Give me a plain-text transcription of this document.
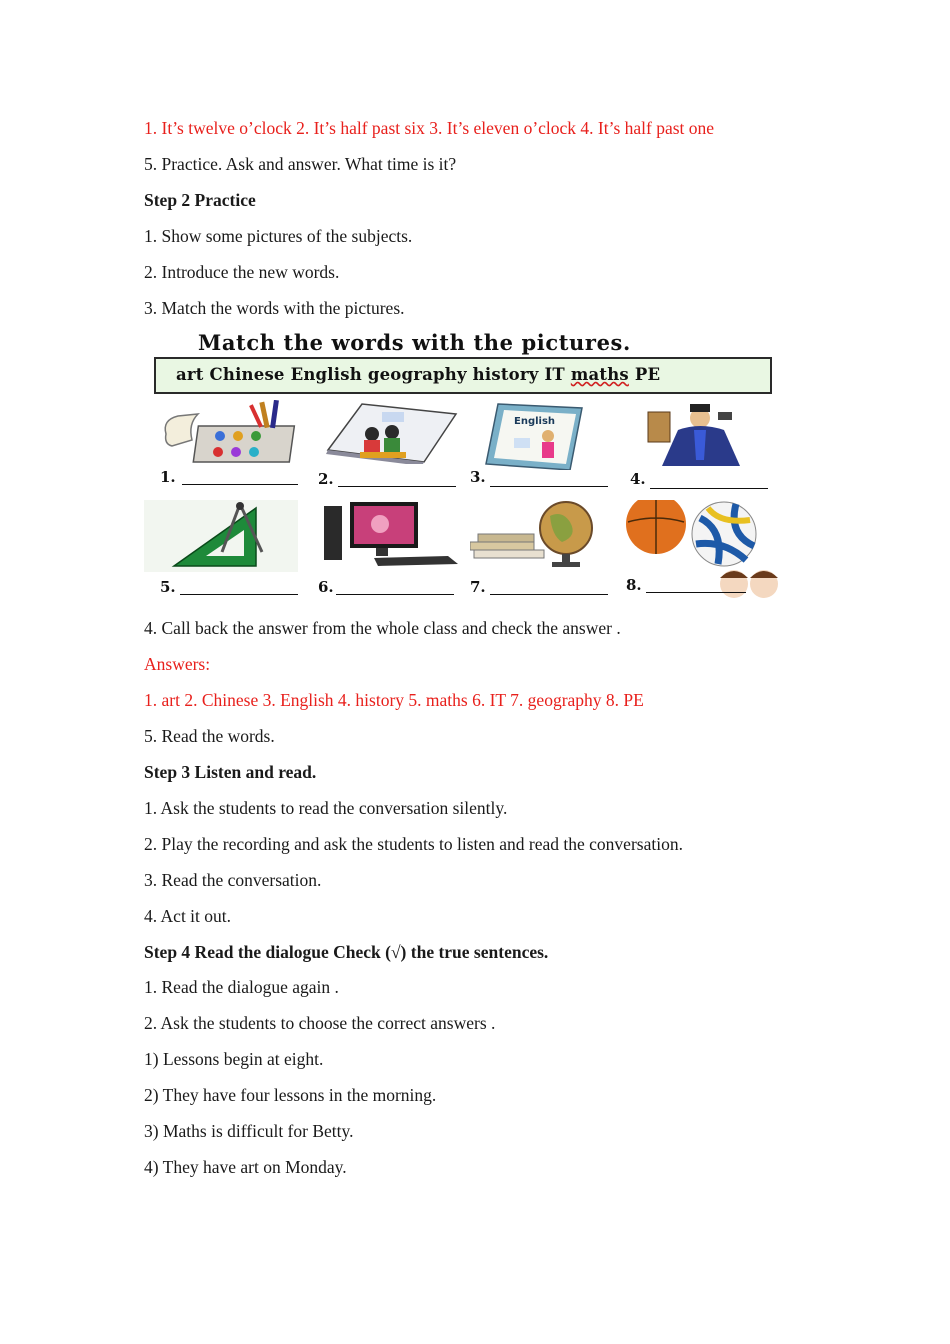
1. It’s twelve o’clock 2. It’s half past six 3. It’s eleven o’clock 4. It’s half past one
5. Practice. Ask and answer. What time is it?
Step 2 Practice
1. Show some pictures of the subjects.
2. Introduce the new words.
3. Match the words with the pictures.
Match the words with the pictures.
art Chinese English geography history IT maths PE
1.	2.
English
3.	4.
5.	6.	7.	8.
4. Call back the answer from the whole class and check the answer .
Answers:
1. art 2. Chinese 3. English 4. history 5. maths 6. IT 7. geography 8. PE
5. Read the words.
Step 3 Listen and read.
1. Ask the students to read the conversation silently.
2. Play the recording and ask the students to listen and read the conversation.
3. Read the conversation.
4. Act it out.
Step 4 Read the dialogue Check (√) the true sentences.
1. Read the dialogue again .
2. Ask the students to choose the correct answers .
1) Lessons begin at eight.
2) They have four lessons in the morning.
3) Maths is difficult for Betty.
4) They have art on Monday.
